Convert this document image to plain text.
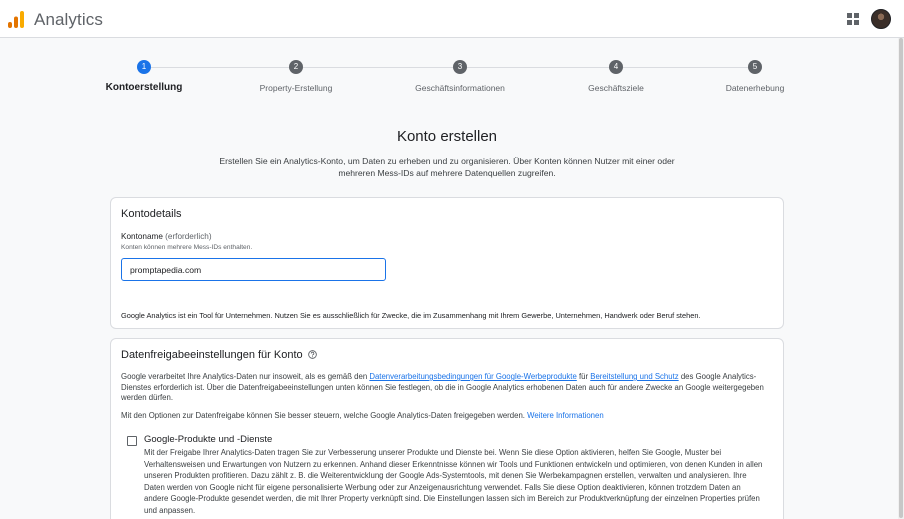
Analytics
1
Kontoerstellung
2
Property-Erstellung
3
Geschäftsinformationen
4
Geschäftsziele
5
Datenerhebung
Konto erstellen
Erstellen Sie ein Analytics-Konto, um Daten zu erheben und zu organisieren. Über Konten können Nutzer mit einer oder mehreren Mess-IDs auf mehrere Datenquellen zugreifen.
Kontodetails
Kontoname (erforderlich)
Konten können mehrere Mess-IDs enthalten.
promptapedia.com
Google Analytics ist ein Tool für Unternehmen. Nutzen Sie es ausschließlich für Zwecke, die im Zusammenhang mit Ihrem Gewerbe, Unternehmen, Handwerk oder Beruf stehen.
Datenfreigabeeinstellungen für Konto
Google verarbeitet Ihre Analytics-Daten nur insoweit, als es gemäß den Datenverarbeitungsbedingungen für Google-Werbeprodukte für Bereitstellung und Schutz des Google Analytics-Dienstes erforderlich ist. Über die Datenfreigabeeinstellungen unten können Sie festlegen, ob die in Google Analytics erhobenen Daten auch für andere Zwecke an Google weitergegeben werden dürfen.
Mit den Optionen zur Datenfreigabe können Sie besser steuern, welche Google Analytics-Daten freigegeben werden. Weitere Informationen
Google-Produkte und -Dienste
Mit der Freigabe Ihrer Analytics-Daten tragen Sie zur Verbesserung unserer Produkte und Dienste bei. Wenn Sie diese Option aktivieren, helfen Sie Google, Muster bei Verhaltensweisen und Erwartungen von Nutzern zu erkennen. Anhand dieser Erkenntnisse können wir Tools und Funktionen entwickeln und optimieren, von denen Kunden in allen unseren Produkten profitieren. Dazu zählt z. B. die Weiterentwicklung der Google Ads-Systemtools, mit denen Sie Werbekampagnen erstellen, verwalten und analysieren. Ihre Daten werden von Google nicht für eigene personalisierte Werbung oder zur Anzeigenausrichtung verwendet. Falls Sie diese Option deaktivieren, können trotzdem Daten an andere Google-Produkte gesendet werden, die mit Ihrer Property verknüpft sind. Die Einstellungen lassen sich im Bereich zur Produktverknüpfung der einzelnen Properties prüfen und anpassen.
